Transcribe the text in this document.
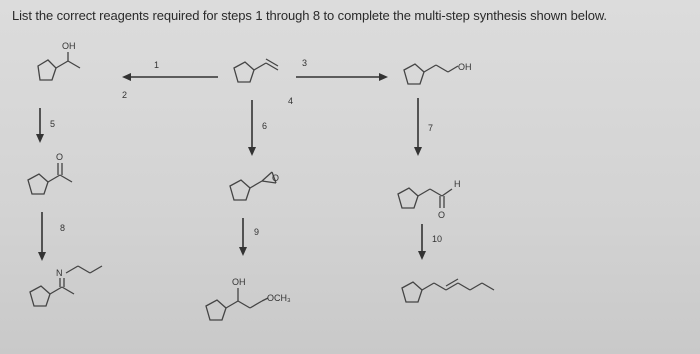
List the correct reagents required for steps 1 through 8 to complete the multi-step synthesis shown below.
OH
1
2
3
4
OH
5	6	7
O
O
H
O
8	9
10
N
OH
OCH₃
